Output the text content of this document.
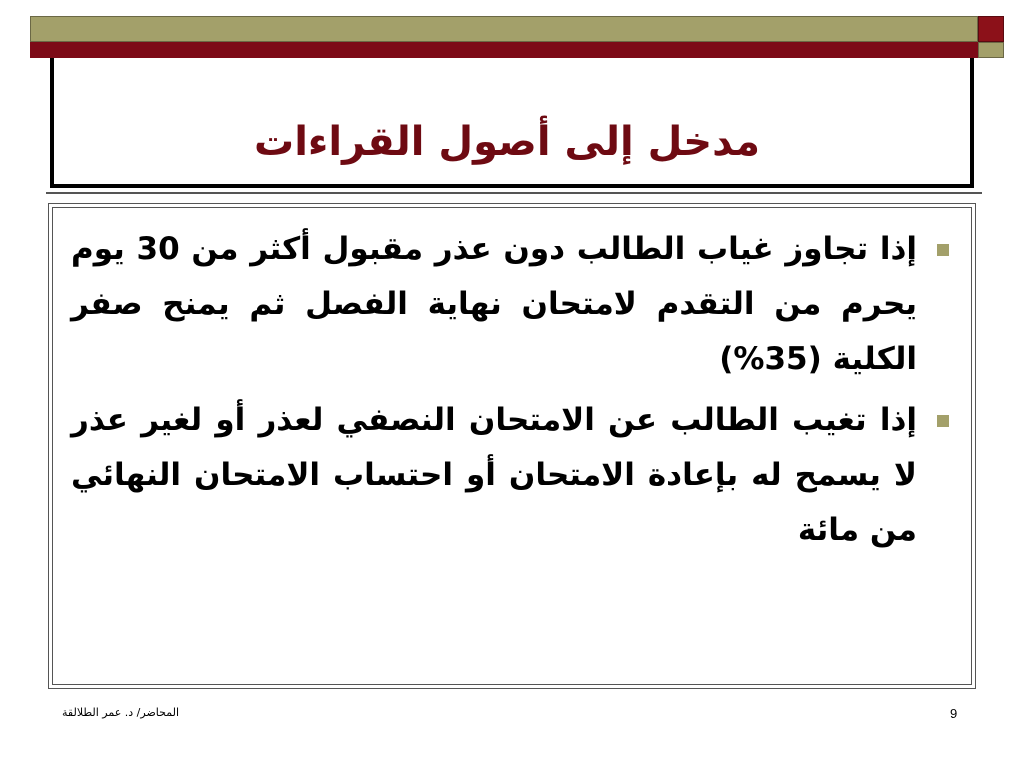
مدخل إلى أصول القراءات
إذا تجاوز غياب الطالب دون عذر مقبول أكثر من 30 يوم يحرم من التقدم لامتحان نهاية الفصل ثم يمنح صفر الكلية (35%)
إذا تغيب الطالب عن الامتحان النصفي لعذر أو لغير عذر لا يسمح له بإعادة الامتحان أو احتساب الامتحان النهائي من مائة
المحاضر/ د. عمر الطلالقة	9
